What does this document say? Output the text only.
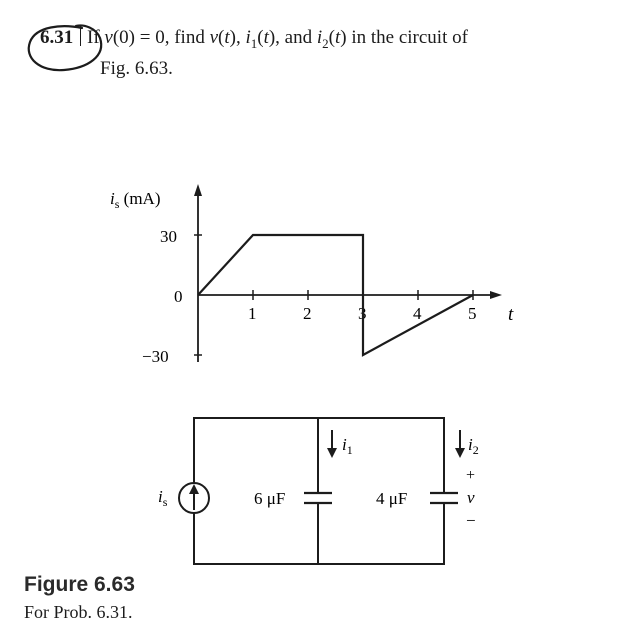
6.31 If v(0) = 0, find v(t), $i_1(t)$, and $i_2(t)$ in the circuit of
Fig. 6.63.
30
0
−30
$i_s$ (mA)
t
1	2	3	4	5
$i_s$
$i_1$	$i_2$
6 μF	4 μF
+
v
−
Figure 6.63
For Prob. 6.31.
